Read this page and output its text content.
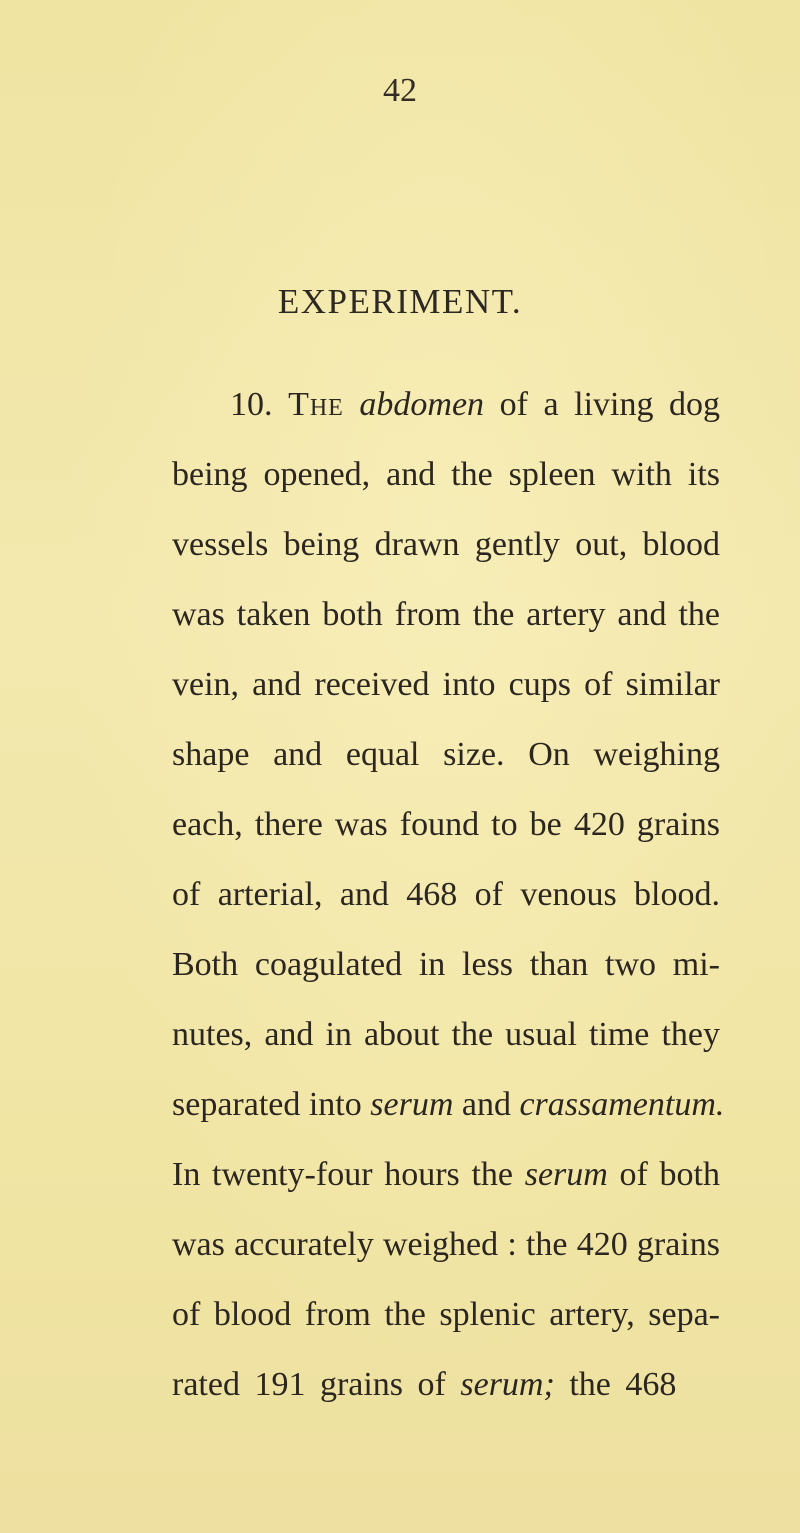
42
EXPERIMENT.
10. The abdomen of a living dog
being opened, and the spleen with its
vessels being drawn gently out, blood
was taken both from the artery and the
vein, and received into cups of similar
shape and equal size. On weighing
each, there was found to be 420 grains
of arterial, and 468 of venous blood.
Both coagulated in less than two mi-
nutes, and in about the usual time they
separated into serum and crassamentum.
In twenty-four hours the serum of both
was accurately weighed : the 420 grains
of blood from the splenic artery, sepa-
rated 191 grains of serum; the 468
